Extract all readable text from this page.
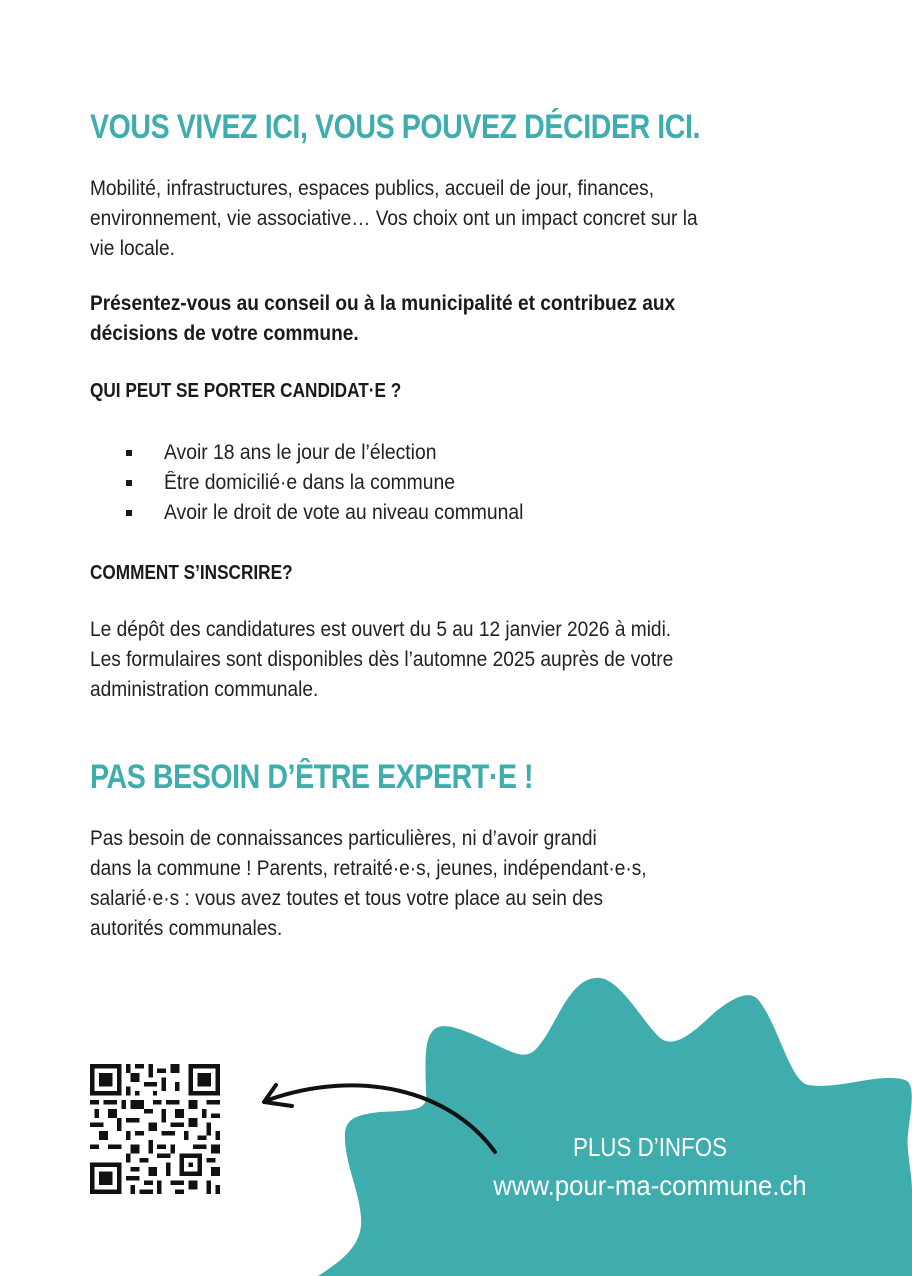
VOUS VIVEZ ICI, VOUS POUVEZ DÉCIDER ICI.

Mobilité, infrastructures, espaces publics, accueil de jour, finances,

environnement, vie associative… Vos choix ont un impact concret sur la

vie locale.

Présentez-vous au conseil ou à la municipalité et contribuez aux

décisions de votre commune.

QUI PEUT SE PORTER CANDIDAT·E ?
Avoir 18 ans le jour de l’élection
Être domicilié·e dans la commune
Avoir le droit de vote au niveau communal
COMMENT S’INSCRIRE?

Le dépôt des candidatures est ouvert du 5 au 12 janvier 2026 à midi.

Les formulaires sont disponibles dès l’automne 2025 auprès de votre

administration communale.

PAS BESOIN D’ÊTRE EXPERT·E !

Pas besoin de connaissances particulières, ni d’avoir grandi

dans la commune ! Parents, retraité·e·s, jeunes, indépendant·e·s,

salarié·e·s : vous avez toutes et tous votre place au sein des

autorités communales.

PLUS D’INFOS
www.pour-ma-commune.ch
